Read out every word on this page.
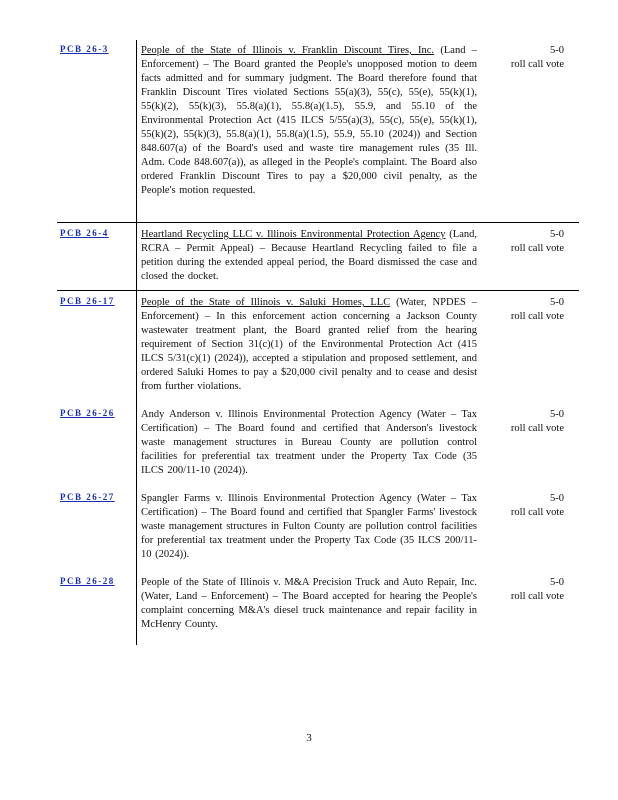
PCB 26-3	People of the State of Illinois v. Franklin Discount Tires, Inc. (Land – Enforcement) – The Board granted the People's unopposed motion to deem facts admitted and for summary judgment. The Board therefore found that Franklin Discount Tires violated Sections 55(a)(3), 55(c), 55(e), 55(k)(1), 55(k)(2), 55(k)(3), 55.8(a)(1), 55.8(a)(1.5), 55.9, and 55.10 of the Environmental Protection Act (415 ILCS 5/55(a)(3), 55(c), 55(e), 55(k)(1), 55(k)(2), 55(k)(3), 55.8(a)(1), 55.8(a)(1.5), 55.9, 55.10 (2024)) and Section 848.607(a) of the Board's used and waste tire management rules (35 Ill. Adm. Code 848.607(a)), as alleged in the People's complaint. The Board also ordered Franklin Discount Tires to pay a $20,000 civil penalty, as the People's motion requested.
5-0
roll call vote
PCB 26-4	Heartland Recycling LLC v. Illinois Environmental Protection Agency (Land, RCRA – Permit Appeal) – Because Heartland Recycling failed to file a petition during the extended appeal period, the Board dismissed the case and closed the docket.
5-0
roll call vote
PCB 26-17	People of the State of Illinois v. Saluki Homes, LLC (Water, NPDES – Enforcement) – In this enforcement action concerning a Jackson County wastewater treatment plant, the Board granted relief from the hearing requirement of Section 31(c)(1) of the Environmental Protection Act (415 ILCS 5/31(c)(1) (2024)), accepted a stipulation and proposed settlement, and ordered Saluki Homes to pay a $20,000 civil penalty and to cease and desist from further violations.
5-0
roll call vote
PCB 26-26	Andy Anderson v. Illinois Environmental Protection Agency (Water – Tax Certification) – The Board found and certified that Anderson's livestock waste management structures in Bureau County are pollution control facilities for preferential tax treatment under the Property Tax Code (35 ILCS 200/11-10 (2024)).
5-0
roll call vote
PCB 26-27	Spangler Farms v. Illinois Environmental Protection Agency (Water – Tax Certification) – The Board found and certified that Spangler Farms' livestock waste management structures in Fulton County are pollution control facilities for preferential tax treatment under the Property Tax Code (35 ILCS 200/11-10 (2024)).
5-0
roll call vote
PCB 26-28	People of the State of Illinois v. M&A Precision Truck and Auto Repair, Inc. (Water, Land – Enforcement) – The Board accepted for hearing the People's complaint concerning M&A's diesel truck maintenance and repair facility in McHenry County.
5-0
roll call vote
3
